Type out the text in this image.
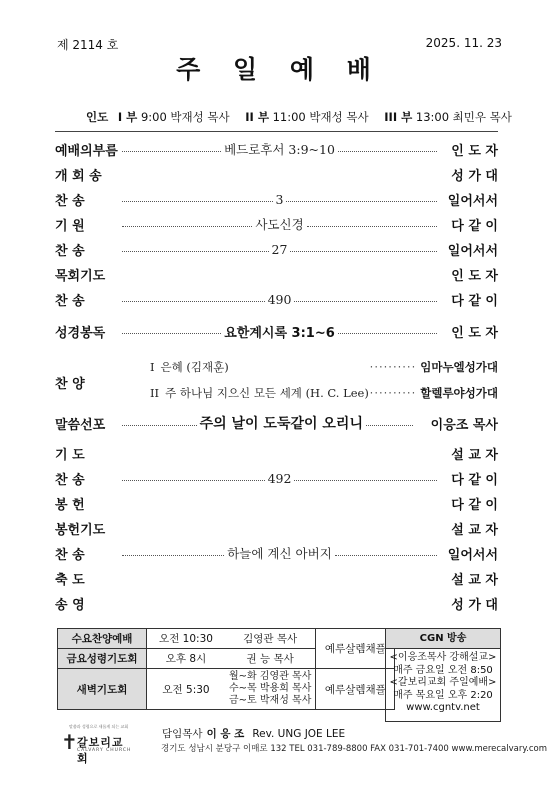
제 2114 호	2025. 11. 23
주 일 예 배
인도 I 부 9:00 박재성 목사 II 부 11:00 박재성 목사 III 부 13:00 최민우 목사
예배의부름	베드로후서 3:9~10	인 도 자
개 회 송	성 가 대
찬 송	3	일어서서
기 원	사도신경	다 같 이
찬 송	27	일어서서
목회기도	인 도 자
찬 송	490	다 같 이
성경봉독	요한계시록 3:1~6	인 도 자
찬 양
I 은혜 (김재훈)	·········· 임마누엘성가대
II 주 하나님 지으신 모든 세계 (H. C. Lee) ·········· 할렐루야성가대
말씀선포	주의 날이 도둑같이 오리니	이응조 목사
기 도	설 교 자
찬 송	492	다 같 이
봉 헌	다 같 이
봉헌기도	설 교 자
찬 송	하늘에 계신 아버지	일어서서
축 도	설 교 자
송 영	성 가 대
수요찬양예배	오전 10:30	김영관 목사	예루살렘채플
금요성령기도회	오후 8시	권 능 목사	
새벽기도회	오전 5:30	월~화 김영관 목사
수~목 박용희 목사
금~토 박재성 목사	예루살렘채플
CGN 방송
<이응조목사 강해설교>
매주 금요일 오전 8:50
<갈보리교회 주일예배>
매주 목요일 오후 2:20
www.cgntv.net
말씀과 성령으로 새롭게 되는 교회
✝ 갈보리교회
CALVARY CHURCH
담임목사 이 응 조 Rev. UNG JOE LEE
경기도 성남시 분당구 이매로 132 TEL 031-789-8800 FAX 031-701-7400 www.merecalvary.com
